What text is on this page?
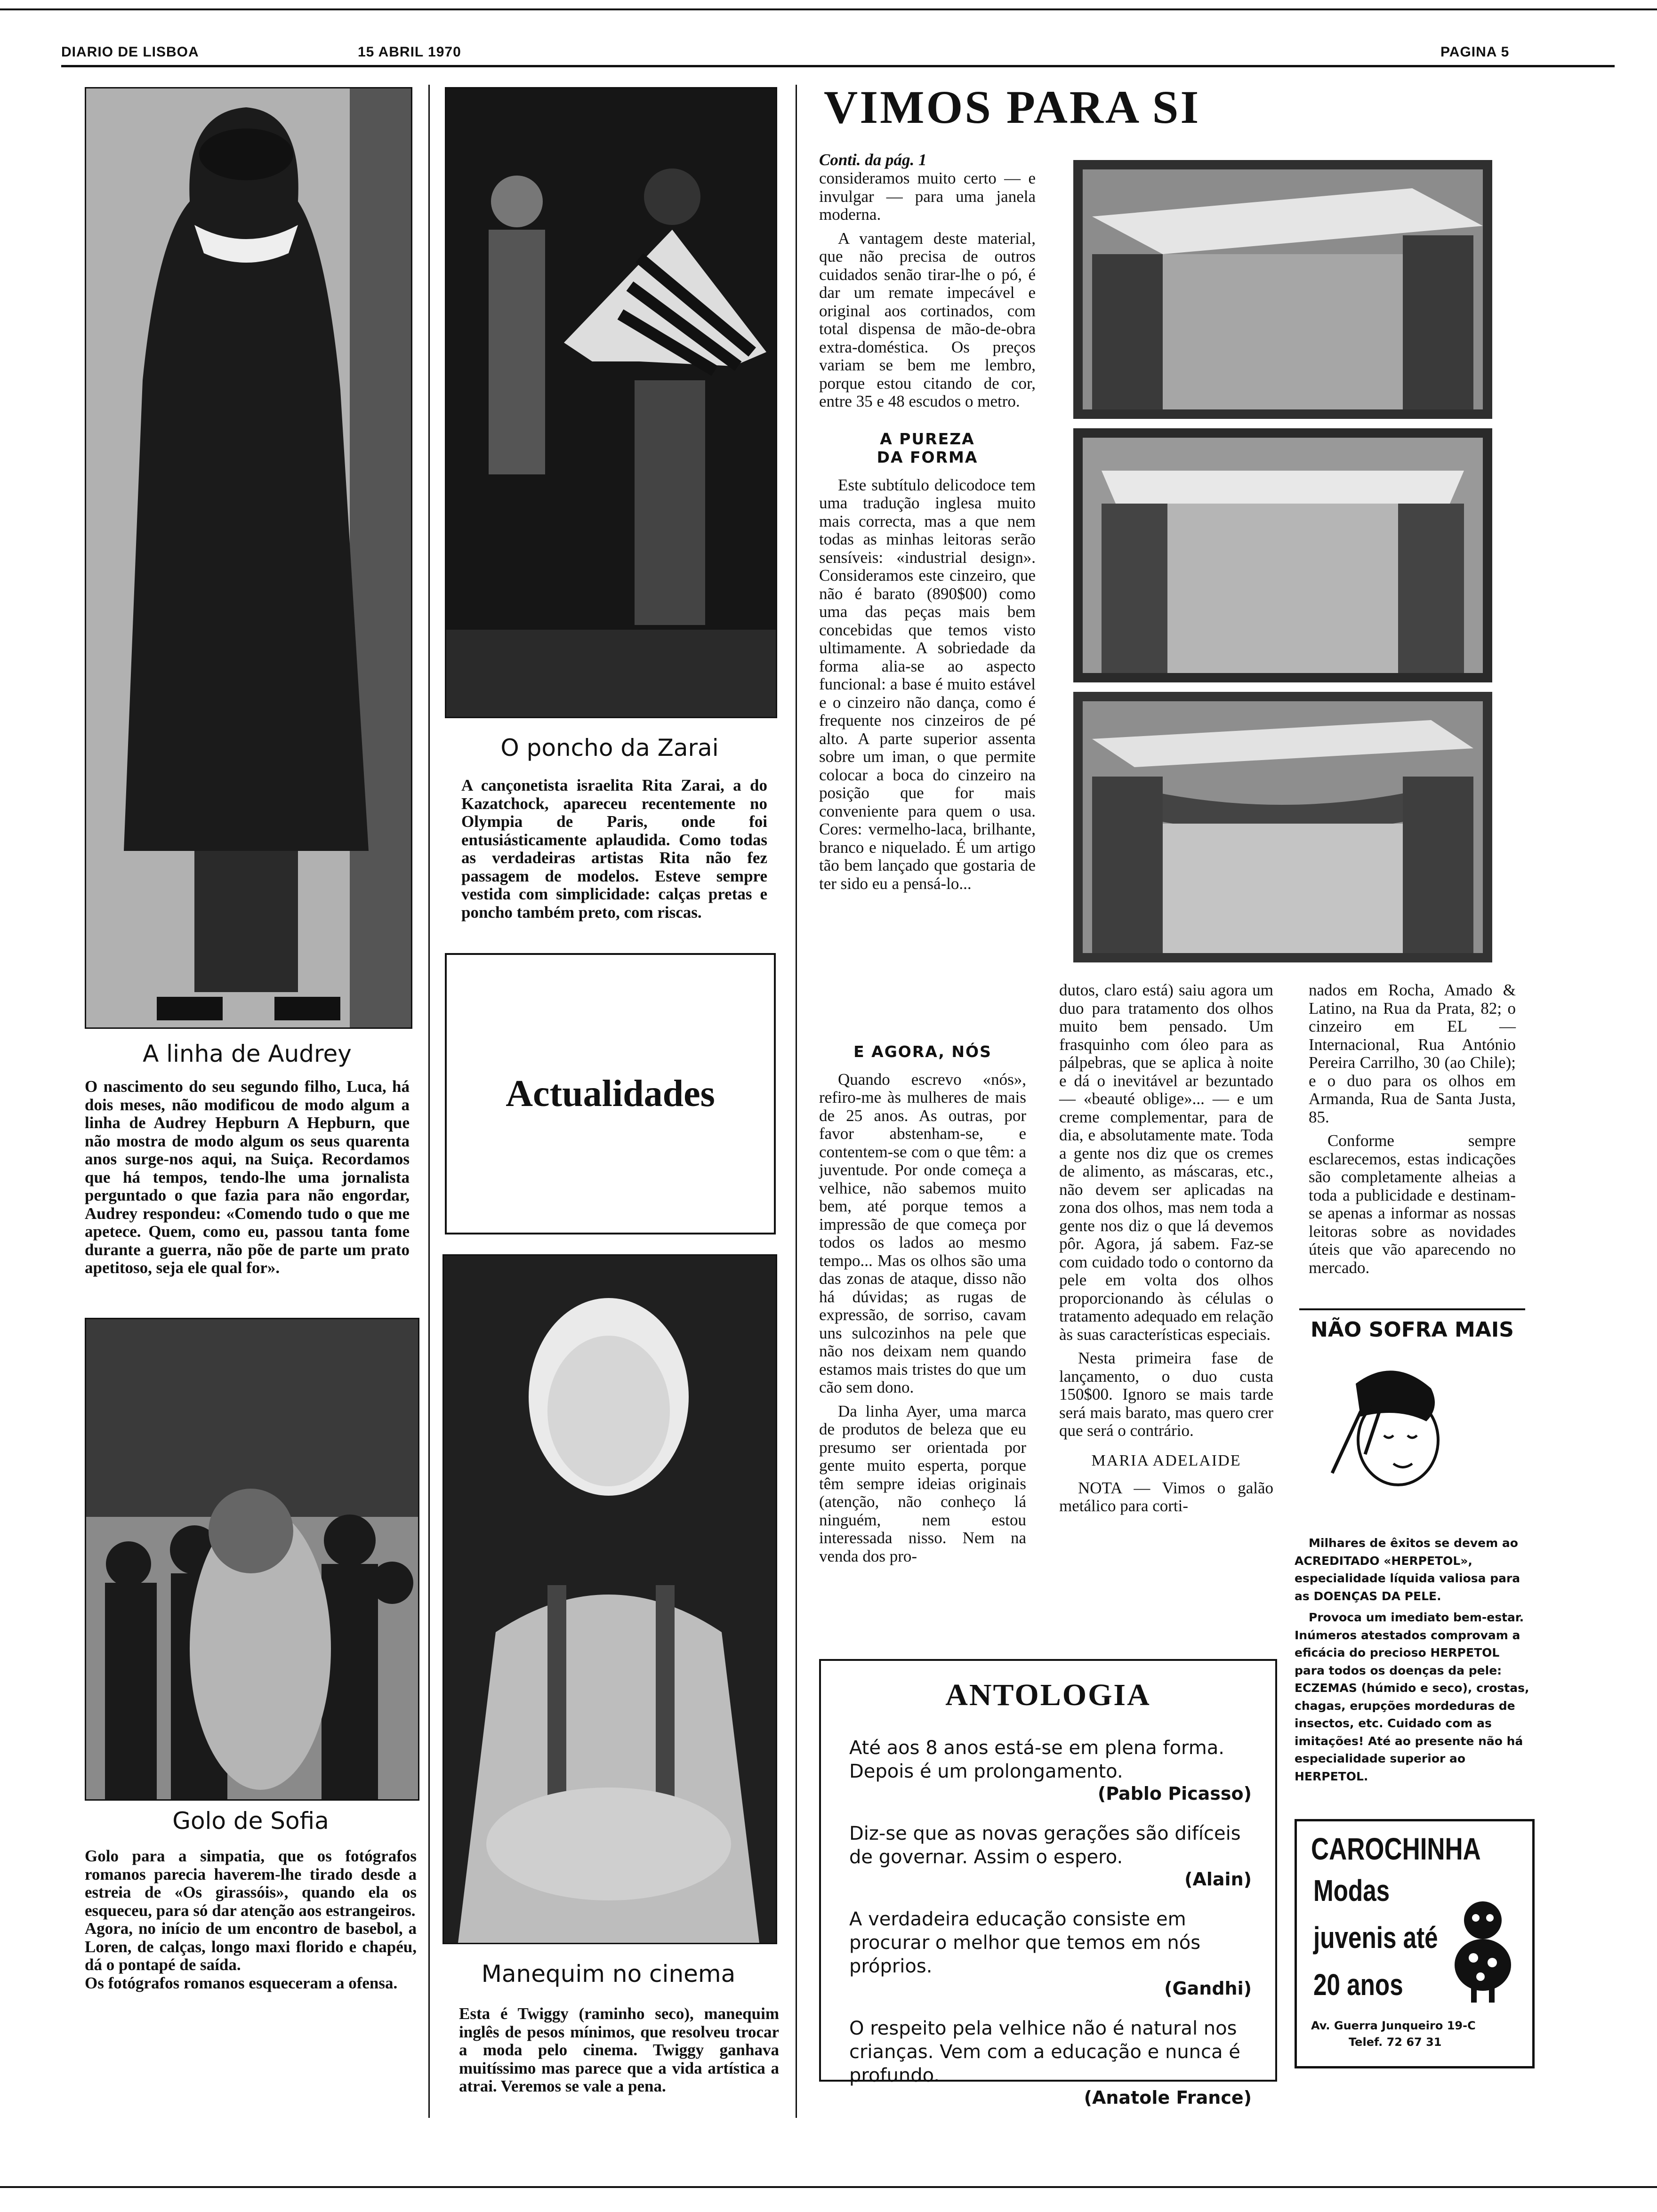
DIARIO DE LISBOA	15 ABRIL 1970	PAGINA 5
A linha de Audrey

O nascimento do seu segundo filho, Luca, há dois meses, não modificou de modo algum a linha de Audrey Hepburn A Hepburn, que não mostra de modo algum os seus quarenta anos surge-nos aqui, na Suiça. Recordamos que há tempos, tendo-lhe uma jornalista perguntado o que fazia para não engordar, Audrey respondeu: «Comendo tudo o que me apetece. Quem, como eu, passou tanta fome durante a guerra, não põe de parte um prato apetitoso, seja ele qual for».

Golo de Sofia

Golo para a simpatia, que os fotógrafos romanos parecia haverem-lhe tirado desde a estreia de «Os girassóis», quando ela os esqueceu, para só dar atenção aos estrangeiros.

Agora, no início de um encontro de basebol, a Loren, de calças, longo maxi florido e chapéu, dá o pontapé de saída.

Os fotógrafos romanos esqueceram a ofensa.

O poncho da Zarai

A cançonetista israelita Rita Zarai, a do Kazatchock, apareceu recentemente no Olympia de Paris, onde foi entusiásticamente aplaudida. Como todas as verdadeiras artistas Rita não fez passagem de modelos. Esteve sempre vestida com simplicidade: calças pretas e poncho também preto, com riscas.

Actualidades
Manequim no cinema

Esta é Twiggy (raminho seco), manequim inglês de pesos mínimos, que resolveu trocar a moda pelo cinema. Twiggy ganhava muitíssimo mas parece que a vida artística a atrai. Veremos se vale a pena.

VIMOS PARA SI
Conti. da pág. 1

consideramos muito certo — e invulgar — para uma janela moderna.

A vantagem deste material, que não precisa de outros cuidados senão tirar-lhe o pó, é dar um remate impecável e original aos cortinados, com total dispensa de mão-de-obra extra-doméstica. Os preços variam se bem me lembro, porque estou citando de cor, entre 35 e 48 escudos o metro.

A PUREZA DA FORMA

Este subtítulo delicodoce tem uma tradução inglesa muito mais correcta, mas a que nem todas as minhas leitoras serão sensíveis: «industrial design». Consideramos este cinzeiro, que não é barato (890$00) como uma das peças mais bem concebidas que temos visto ultimamente. A sobriedade da forma alia-se ao aspecto funcional: a base é muito estável e o cinzeiro não dança, como é frequente nos cinzeiros de pé alto. A parte superior assenta sobre um iman, o que permite colocar a boca do cinzeiro na posição que for mais conveniente para quem o usa. Cores: vermelho-laca, brilhante, branco e niquelado. É um artigo tão bem lançado que gostaria de ter sido eu a pensá-lo...

E AGORA, NÓS

Quando escrevo «nós», refiro-me às mulheres de mais de 25 anos. As outras, por favor abstenham-se, e contentem-se com o que têm: a juventude. Por onde começa a velhice, não sabemos muito bem, até porque temos a impressão de que começa por todos os lados ao mesmo tempo... Mas os olhos são uma das zonas de ataque, disso não há dúvidas; as rugas de expressão, de sorriso, cavam uns sulcozinhos na pele que não nos deixam nem quando estamos mais tristes do que um cão sem dono.

Da linha Ayer, uma marca de produtos de beleza que eu presumo ser orientada por gente muito esperta, porque têm sempre ideias originais (atenção, não conheço lá ninguém, nem estou interessada nisso. Nem na venda dos pro-

dutos, claro está) saiu agora um duo para tratamento dos olhos muito bem pensado. Um frasquinho com óleo para as pálpebras, que se aplica à noite e dá o inevitável ar bezuntado — «beauté oblige»... — e um creme complementar, para de dia, e absolutamente mate. Toda a gente nos diz que os cremes de alimento, as máscaras, etc., não devem ser aplicadas na zona dos olhos, mas nem toda a gente nos diz o que lá devemos pôr. Agora, já sabem. Faz-se com cuidado todo o contorno da pele em volta dos olhos proporcionando às células o tratamento adequado em relação às suas características especiais.

Nesta primeira fase de lançamento, o duo custa 150$00. Ignoro se mais tarde será mais barato, mas quero crer que será o contrário.

MARIA ADELAIDE

NOTA — Vimos o galão metálico para corti-

nados em Rocha, Amado & Latino, na Rua da Prata, 82; o cinzeiro em EL — Internacional, Rua António Pereira Carrilho, 30 (ao Chile); e o duo para os olhos em Armanda, Rua de Santa Justa, 85.

Conforme sempre esclarecemos, estas indicações são completamente alheias a toda a publicidade e destinam-se apenas a informar as nossas leitoras sobre as novidades úteis que vão aparecendo no mercado.

ANTOLOGIA

Até aos 8 anos está-se em plena forma. Depois é um prolongamento.

(Pablo Picasso)

Diz-se que as novas gerações são difíceis de governar. Assim o espero.

(Alain)

A verdadeira educação consiste em procurar o melhor que temos em nós próprios.

(Gandhi)

O respeito pela velhice não é natural nos crianças. Vem com a educação e nunca é profundo.

(Anatole France)

NÃO SOFRA MAIS

Milhares de êxitos se devem ao ACREDITADO «HERPETOL», especialidade líquida valiosa para as DOENÇAS DA PELE.

Provoca um imediato bem-estar. Inúmeros atestados comprovam a eficácia do precioso HERPETOL para todos os doenças da pele: ECZEMAS (húmido e seco), crostas, chagas, erupções mordeduras de insectos, etc. Cuidado com as imitações! Até ao presente não há especialidade superior ao HERPETOL.

CAROCHINHA
Modas
juvenis até
20 anos
Av. Guerra Junqueiro 19-C
Telef. 72 67 31
